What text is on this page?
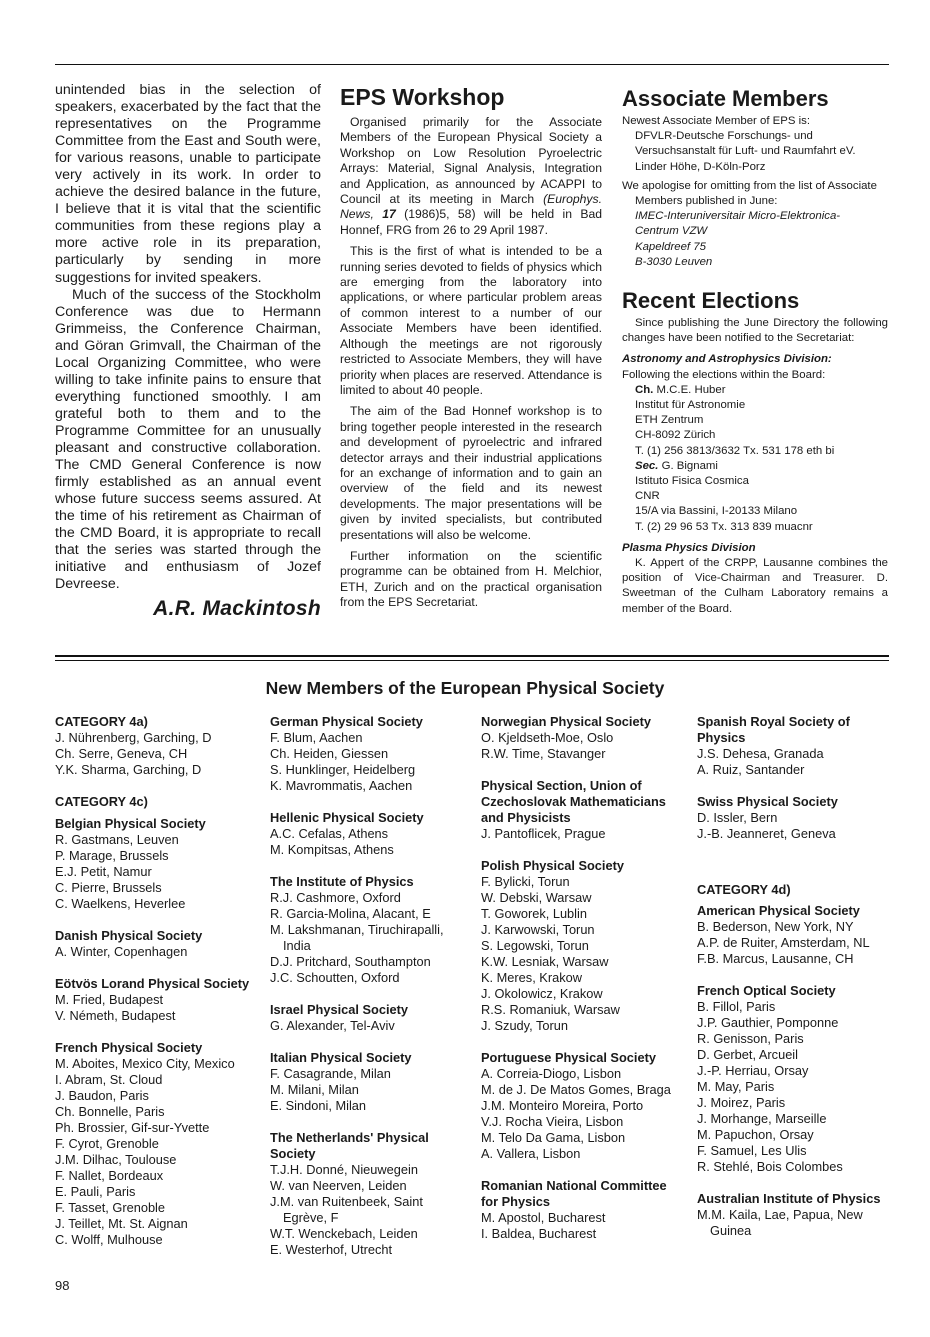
unintended bias in the selection of speakers, exacerbated by the fact that the representatives on the Programme Committee from the East and South were, for various reasons, unable to participate very actively in its work. In order to achieve the desired balance in the future, I believe that it is vital that the scientific communities from these regions play a more active role in its preparation, particularly by sending in more suggestions for invited speakers.

Much of the success of the Stockholm Conference was due to Hermann Grimmeiss, the Conference Chairman, and Göran Grimvall, the Chairman of the Local Organizing Committee, who were willing to take infinite pains to ensure that everything functioned smoothly. I am grateful both to them and to the Programme Committee for an unusually pleasant and constructive collaboration. The CMD General Conference is now firmly established as an annual event whose future success seems assured. At the time of his retirement as Chairman of the CMD Board, it is appropriate to recall that the series was started through the initiative and enthusiasm of Jozef Devreese.

A.R. Mackintosh
EPS Workshop

Organised primarily for the Associate Members of the European Physical Society a Workshop on Low Resolution Pyroelectric Arrays: Material, Signal Analysis, Integration and Application, as announced by ACAPPI to Council at its meeting in March (Europhys. News, 17 (1986)5, 58) will be held in Bad Honnef, FRG from 26 to 29 April 1987.

This is the first of what is intended to be a running series devoted to fields of physics which are emerging from the laboratory into applications, or where particular problem areas of common interest to a number of our Associate Members have been identified. Although the meetings are not rigorously restricted to Associate Members, they will have priority when places are reserved. Attendance is limited to about 40 people.

The aim of the Bad Honnef workshop is to bring together people interested in the research and development of pyroelectric and infrared detector arrays and their industrial applications for an exchange of information and to gain an overview of the field and its newest developments. The major presentations will be given by invited specialists, but contributed presentations will also be welcome.

Further information on the scientific programme can be obtained from H. Melchior, ETH, Zurich and on the practical organisation from the EPS Secretariat.

Associate Members

Newest Associate Member of EPS is:

DFVLR-Deutsche Forschungs- und
Versuchsanstalt für Luft- und Raumfahrt eV.
Linder Höhe, D-Köln-Porz

We apologise for omitting from the list of Associate Members published in June:

IMEC-Interuniversitair Micro-Elektronica-
Centrum VZW
Kapeldreef 75
B-3030 Leuven
Recent Elections

Since publishing the June Directory the following changes have been notified to the Secretariat:

Astronomy and Astrophysics Division:

Following the elections within the Board:

Ch. M.C.E. Huber
Institut für Astronomie
ETH Zentrum
CH-8092 Zürich
T. (1) 256 3813/3632 Tx. 531 178 eth bi
Sec. G. Bignami
Istituto Fisica Cosmica
CNR
15/A via Bassini, I-20133 Milano
T. (2) 29 96 53 Tx. 313 839 muacnr

Plasma Physics Division

K. Appert of the CRPP, Lausanne combines the position of Vice-Chairman and Treasurer. D. Sweetman of the Culham Laboratory remains a member of the Board.

New Members of the European Physical Society
CATEGORY 4a)
J. Nührenberg, Garching, D
Ch. Serre, Geneva, CH
Y.K. Sharma, Garching, D
CATEGORY 4c)
Belgian Physical Society
R. Gastmans, Leuven
P. Marage, Brussels
E.J. Petit, Namur
C. Pierre, Brussels
C. Waelkens, Heverlee
Danish Physical Society
A. Winter, Copenhagen
Eötvös Lorand Physical Society
M. Fried, Budapest
V. Németh, Budapest
French Physical Society
M. Aboites, Mexico City, Mexico
I. Abram, St. Cloud
J. Baudon, Paris
Ch. Bonnelle, Paris
Ph. Brossier, Gif-sur-Yvette
F. Cyrot, Grenoble
J.M. Dilhac, Toulouse
F. Nallet, Bordeaux
E. Pauli, Paris
F. Tasset, Grenoble
J. Teillet, Mt. St. Aignan
C. Wolff, Mulhouse
German Physical Society
F. Blum, Aachen
Ch. Heiden, Giessen
S. Hunklinger, Heidelberg
K. Mavrommatis, Aachen
Hellenic Physical Society
A.C. Cefalas, Athens
M. Kompitsas, Athens
The Institute of Physics
R.J. Cashmore, Oxford
R. Garcia-Molina, Alacant, E
M. Lakshmanan, Tiruchirapalli, India
D.J. Pritchard, Southampton
J.C. Schoutten, Oxford
Israel Physical Society
G. Alexander, Tel-Aviv
Italian Physical Society
F. Casagrande, Milan
M. Milani, Milan
E. Sindoni, Milan
The Netherlands' Physical Society
T.J.H. Donné, Nieuwegein
W. van Neerven, Leiden
J.M. van Ruitenbeek, Saint Egrève, F
W.T. Wenckebach, Leiden
E. Westerhof, Utrecht
Norwegian Physical Society
O. Kjeldseth-Moe, Oslo
R.W. Time, Stavanger
Physical Section, Union of Czechoslovak Mathematicians and Physicists
J. Pantoflicek, Prague
Polish Physical Society
F. Bylicki, Torun
W. Debski, Warsaw
T. Goworek, Lublin
J. Karwowski, Torun
S. Legowski, Torun
K.W. Lesniak, Warsaw
K. Meres, Krakow
J. Okolowicz, Krakow
R.S. Romaniuk, Warsaw
J. Szudy, Torun
Portuguese Physical Society
A. Correia-Diogo, Lisbon
M. de J. De Matos Gomes, Braga
J.M. Monteiro Moreira, Porto
V.J. Rocha Vieira, Lisbon
M. Telo Da Gama, Lisbon
A. Vallera, Lisbon
Romanian National Committee for Physics
M. Apostol, Bucharest
I. Baldea, Bucharest
Spanish Royal Society of Physics
J.S. Dehesa, Granada
A. Ruiz, Santander
Swiss Physical Society
D. Issler, Bern
J.-B. Jeanneret, Geneva
CATEGORY 4d)
American Physical Society
B. Bederson, New York, NY
A.P. de Ruiter, Amsterdam, NL
F.B. Marcus, Lausanne, CH
French Optical Society
B. Fillol, Paris
J.P. Gauthier, Pomponne
R. Genisson, Paris
D. Gerbet, Arcueil
J.-P. Herriau, Orsay
M. May, Paris
J. Moirez, Paris
J. Morhange, Marseille
M. Papuchon, Orsay
F. Samuel, Les Ulis
R. Stehlé, Bois Colombes
Australian Institute of Physics
M.M. Kaila, Lae, Papua, New Guinea
98
